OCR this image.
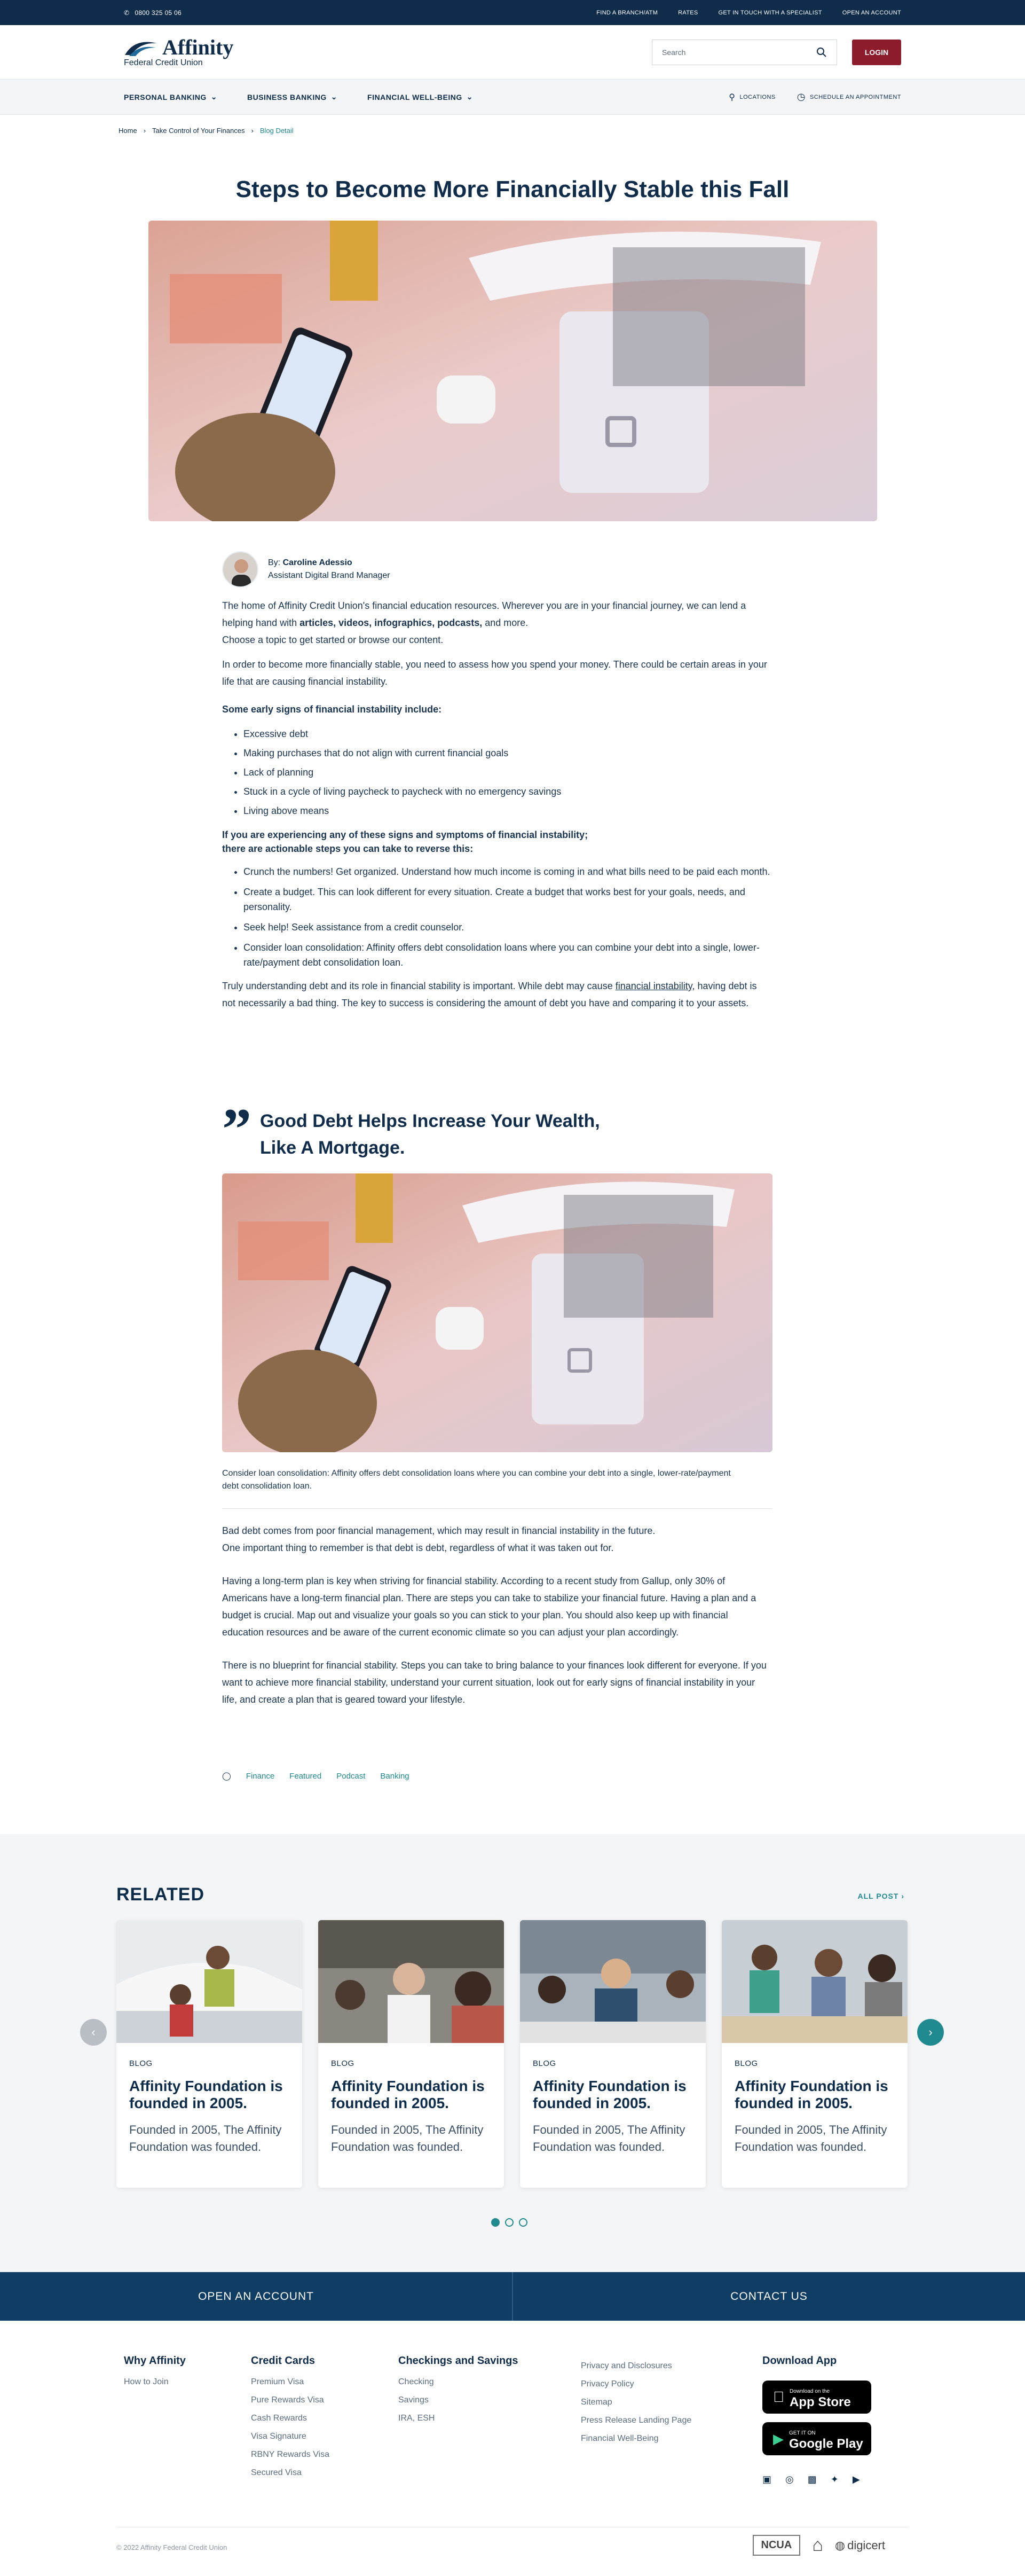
✆ 0800 325 05 06	FIND A BRANCH/ATM	RATES	GET IN TOUCH WITH A SPECIALIST	OPEN AN ACCOUNT
Affinity
Federal Credit Union
Search	LOGIN
PERSONAL BANKING ⌄	BUSINESS BANKING ⌄	FINANCIAL WELL-BEING ⌄	⚲ LOCATIONS ◷ SCHEDULE AN APPOINTMENT
Home › Take Control of Your Finances › Blog Detail
Steps to Become More Financially Stable this Fall
By: Caroline Adessio
Assistant Digital Brand Manager

The home of Affinity Credit Union's financial education resources. Wherever you are in your financial journey, we can lend a helping hand with articles, videos, infographics, podcasts, and more.
Choose a topic to get started or browse our content.

In order to become more financially stable, you need to assess how you spend your money. There could be certain areas in your life that are causing financial instability.

Some early signs of financial instability include:

• Excessive debt
• Making purchases that do not align with current financial goals
• Lack of planning
• Stuck in a cycle of living paycheck to paycheck with no emergency savings
• Living above means

If you are experiencing any of these signs and symptoms of financial instability;
there are actionable steps you can take to reverse this:

• Crunch the numbers! Get organized. Understand how much income is coming in and what bills need to be paid each month.
• Create a budget. This can look different for every situation. Create a budget that works best for your goals, needs, and personality.
• Seek help! Seek assistance from a credit counselor.
• Consider loan consolidation: Affinity offers debt consolidation loans where you can combine your debt into a single, lower-rate/payment debt consolidation loan.

Truly understanding debt and its role in financial stability is important. While debt may cause financial instability, having debt is not necessarily a bad thing. The key to success is considering the amount of debt you have and comparing it to your assets.

” Good Debt Helps Increase Your Wealth,
Like A Mortgage.
Consider loan consolidation: Affinity offers debt consolidation loans where you can combine your debt into a single, lower-rate/payment debt consolidation loan.

Bad debt comes from poor financial management, which may result in financial instability in the future.
One important thing to remember is that debt is debt, regardless of what it was taken out for.

Having a long-term plan is key when striving for financial stability. According to a recent study from Gallup, only 30% of Americans have a long-term financial plan. There are steps you can take to stabilize your financial future. Having a plan and a budget is crucial. Map out and visualize your goals so you can stick to your plan. You should also keep up with financial education resources and be aware of the current economic climate so you can adjust your plan accordingly.

There is no blueprint for financial stability. Steps you can take to bring balance to your finances look different for everyone. If you want to achieve more financial stability, understand your current situation, look out for early signs of financial instability in your life, and create a plan that is geared toward your lifestyle.

◯ Finance Featured Podcast Banking
RELATED	ALL POST ›
BLOG
Affinity Foundation is founded in 2005.
Founded in 2005, The Affinity Foundation was founded.
BLOG
Affinity Foundation is founded in 2005.
Founded in 2005, The Affinity Foundation was founded.
BLOG
Affinity Foundation is founded in 2005.
Founded in 2005, The Affinity Foundation was founded.
BLOG
Affinity Foundation is founded in 2005.
Founded in 2005, The Affinity Foundation was founded.
‹	›
OPEN AN ACCOUNT	CONTACT US
Why Affinity
How to Join
Credit Cards
Premium Visa
Pure Rewards Visa
Cash Rewards
Visa Signature
RBNY Rewards Visa
Secured Visa
Checkings and Savings
Checking
Savings
IRA, ESH
Privacy and Disclosures
Privacy Policy
Sitemap
Press Release Landing Page
Financial Well-Being
Download App
Download on the
App Store
▶ GET IT ON
Google Play
▣ ◎ ▩ ✦ ▶
© 2022 Affinity Federal Credit Union	NCUA	⌂ ◍ digicert
